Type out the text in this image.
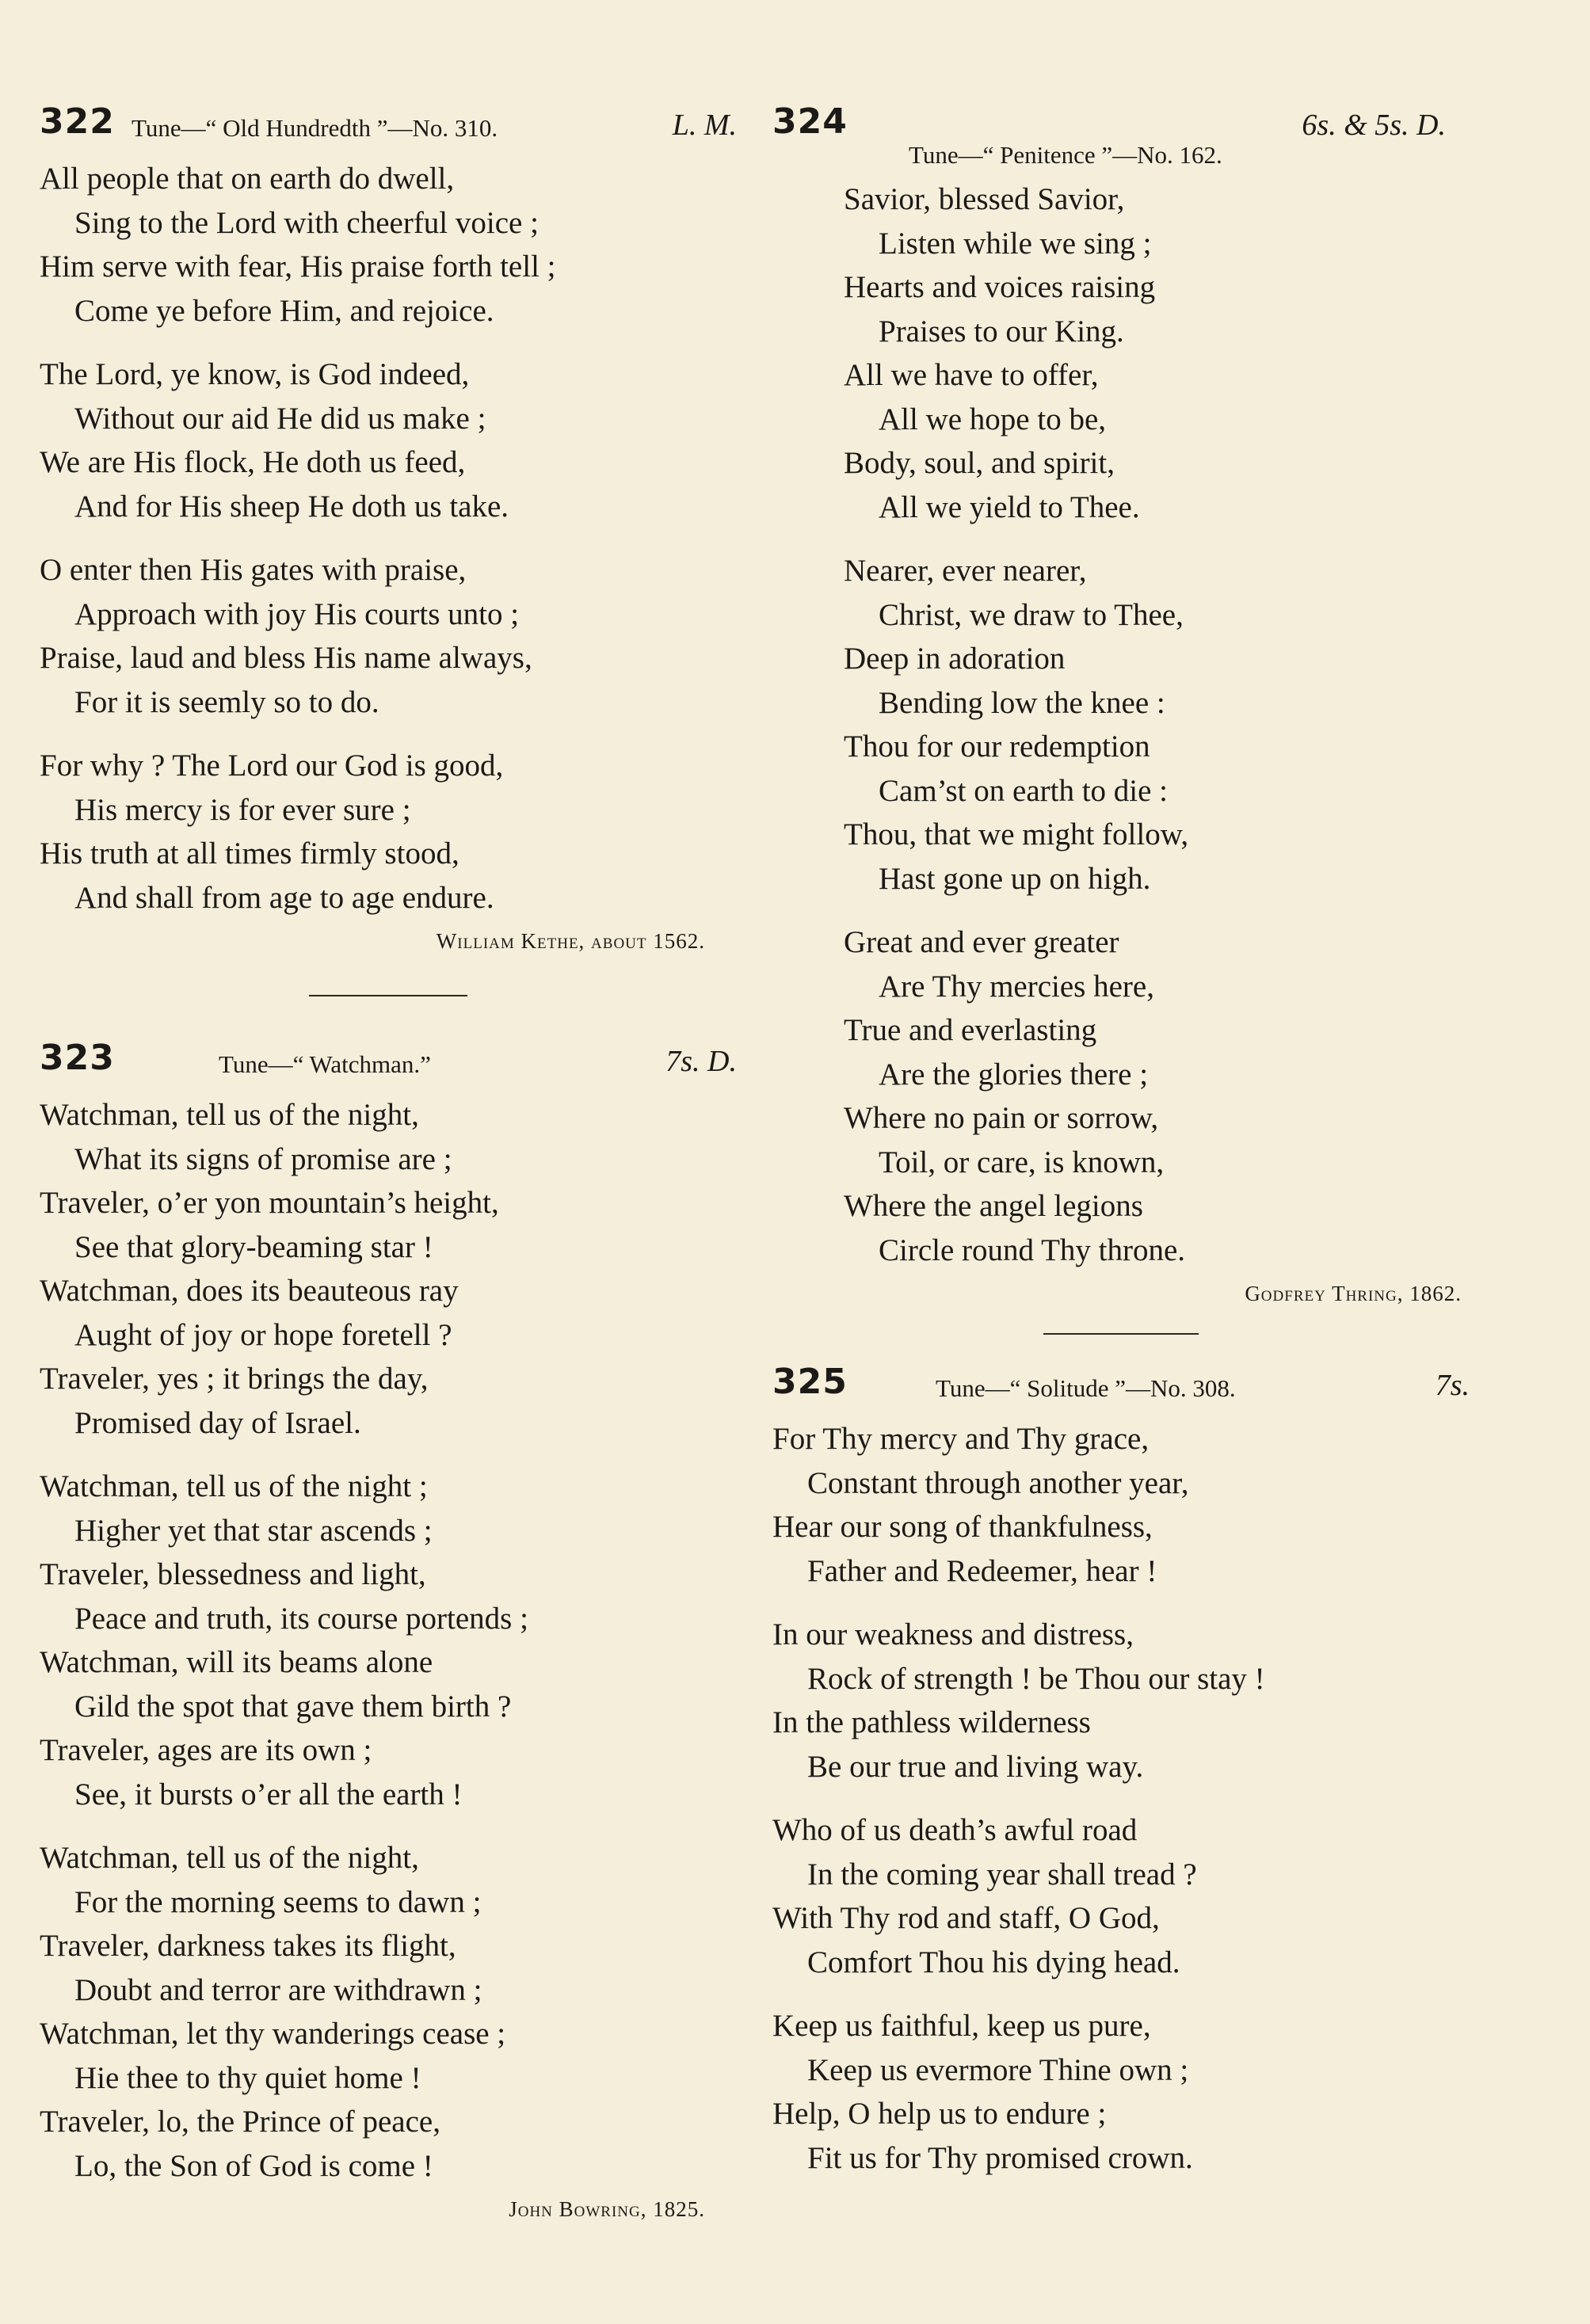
322 Tune—“ Old Hundredth ”—No. 310.	L. M.
All people that on earth do dwell,
Sing to the Lord with cheerful voice ;
Him serve with fear, His praise forth tell ;
Come ye before Him, and rejoice.
The Lord, ye know, is God indeed,
Without our aid He did us make ;
We are His flock, He doth us feed,
And for His sheep He doth us take.
O enter then His gates with praise,
Approach with joy His courts unto ;
Praise, laud and bless His name always,
For it is seemly so to do.
For why ? The Lord our God is good,
His mercy is for ever sure ;
His truth at all times firmly stood,
And shall from age to age endure.
William Kethe, about 1562.
323	Tune—“ Watchman.”	7s. D.
Watchman, tell us of the night,
What its signs of promise are ;
Traveler, o’er yon mountain’s height,
See that glory-beaming star !
Watchman, does its beauteous ray
Aught of joy or hope foretell ?
Traveler, yes ; it brings the day,
Promised day of Israel.
Watchman, tell us of the night ;
Higher yet that star ascends ;
Traveler, blessedness and light,
Peace and truth, its course portends ;
Watchman, will its beams alone
Gild the spot that gave them birth ?
Traveler, ages are its own ;
See, it bursts o’er all the earth !
Watchman, tell us of the night,
For the morning seems to dawn ;
Traveler, darkness takes its flight,
Doubt and terror are withdrawn ;
Watchman, let thy wanderings cease ;
Hie thee to thy quiet home !
Traveler, lo, the Prince of peace,
Lo, the Son of God is come !
John Bowring, 1825.
324	6s. & 5s. D.
Tune—“ Penitence ”—No. 162.
Savior, blessed Savior,
Listen while we sing ;
Hearts and voices raising
Praises to our King.
All we have to offer,
All we hope to be,
Body, soul, and spirit,
All we yield to Thee.
Nearer, ever nearer,
Christ, we draw to Thee,
Deep in adoration
Bending low the knee :
Thou for our redemption
Cam’st on earth to die :
Thou, that we might follow,
Hast gone up on high.
Great and ever greater
Are Thy mercies here,
True and everlasting
Are the glories there ;
Where no pain or sorrow,
Toil, or care, is known,
Where the angel legions
Circle round Thy throne.
Godfrey Thring, 1862.
325	Tune—“ Solitude ”—No. 308.	7s.
For Thy mercy and Thy grace,
Constant through another year,
Hear our song of thankfulness,
Father and Redeemer, hear !
In our weakness and distress,
Rock of strength ! be Thou our stay !
In the pathless wilderness
Be our true and living way.
Who of us death’s awful road
In the coming year shall tread ?
With Thy rod and staff, O God,
Comfort Thou his dying head.
Keep us faithful, keep us pure,
Keep us evermore Thine own ;
Help, O help us to endure ;
Fit us for Thy promised crown.
